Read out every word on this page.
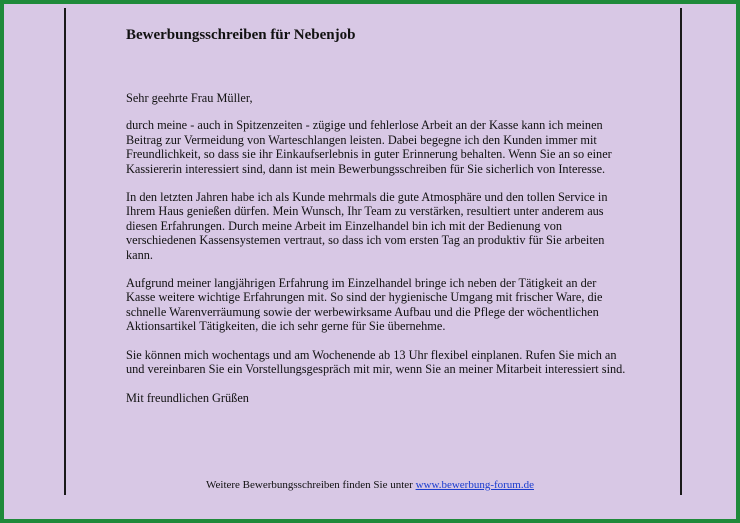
Bewerbungsschreiben für Nebenjob

Sehr geehrte Frau Müller,

durch meine - auch in Spitzenzeiten - zügige und fehlerlose Arbeit an der Kasse kann ich meinen Beitrag zur Vermeidung von Warteschlangen leisten. Dabei begegne ich den Kunden immer mit Freundlichkeit, so dass sie ihr Einkaufserlebnis in guter Erinnerung behalten. Wenn Sie an so einer Kassiererin interessiert sind, dann ist mein Bewerbungsschreiben für Sie sicherlich von Interesse.

In den letzten Jahren habe ich als Kunde mehrmals die gute Atmosphäre und den tollen Service in Ihrem Haus genießen dürfen. Mein Wunsch, Ihr Team zu verstärken, resultiert unter anderem aus diesen Erfahrungen. Durch meine Arbeit im Einzelhandel bin ich mit der Bedienung von verschiedenen Kassensystemen vertraut, so dass ich vom ersten Tag an produktiv für Sie arbeiten kann.

Aufgrund meiner langjährigen Erfahrung im Einzelhandel bringe ich neben der Tätigkeit an der Kasse weitere wichtige Erfahrungen mit. So sind der hygienische Umgang mit frischer Ware, die schnelle Warenverräumung sowie der werbewirksame Aufbau und die Pflege der wöchentlichen Aktionsartikel Tätigkeiten, die ich sehr gerne für Sie übernehme.

Sie können mich wochentags und am Wochenende ab 13 Uhr flexibel einplanen. Rufen Sie mich an und vereinbaren Sie ein Vorstellungsgespräch mit mir, wenn Sie an meiner Mitarbeit interessiert sind.

Mit freundlichen Grüßen

Weitere Bewerbungsschreiben finden Sie unter www.bewerbung-forum.de
